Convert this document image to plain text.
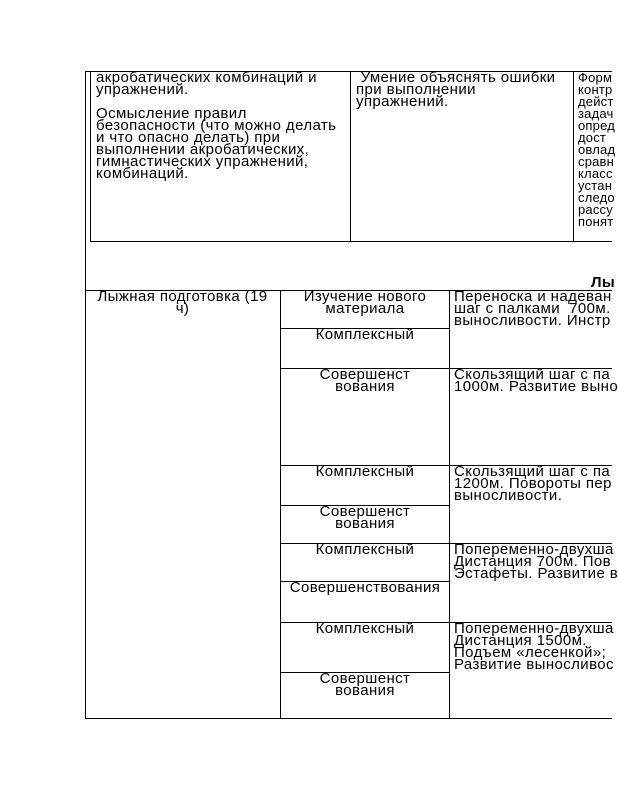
акробатических комбинаций и
упражнений.
Осмысление правил
безопасности (что можно делать
и что опасно делать) при
выполнении акробатических,
гимнастических упражнений,
комбинаций.
Умение объяснять ошибки
при выполнении
упражнений.
Форм
контр
дейст
задач
опред
дост
овлад
сравн
класс
устан
следо
рассу
понят
Лы
Лыжная подготовка (19
ч)
Изучение нового
материала
Комплексный
Совершенст
вования
Комплексный
Совершенст
вования
Комплексный
Совершенствования
Комплексный
Совершенст
вования
Переноска и надеван
шаг с палками  700м.
выносливости. Инстр
Скользящий шаг с па
1000м. Развитие выно
Скользящий шаг с па
1200м. Повороты пер
выносливости.
Попеременно-двухша
Дистанция 700м. Пов
Эстафеты. Развитие в
Попеременно-двухша
Дистанция 1500м.
Подъем «лесенкой»;
Развитие выносливос
